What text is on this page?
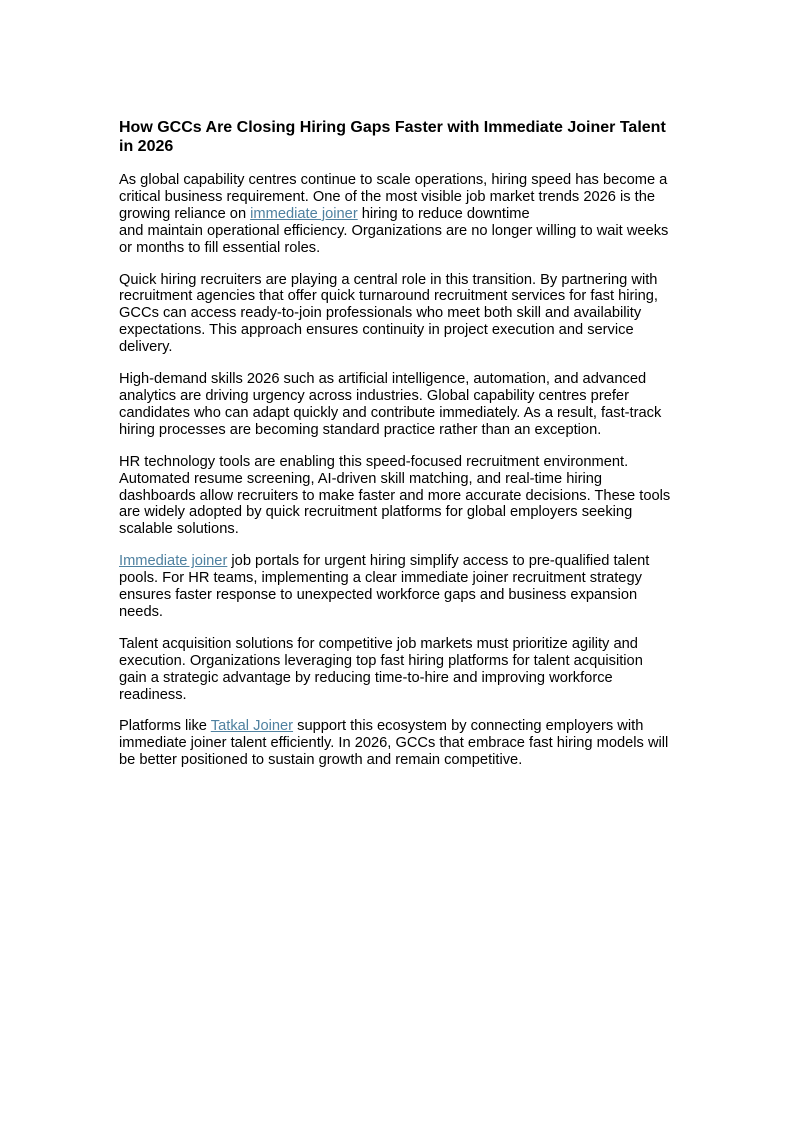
How GCCs Are Closing Hiring Gaps Faster with Immediate Joiner Talent in 2026

As global capability centres continue to scale operations, hiring speed has become a critical business requirement. One of the most visible job market trends 2026 is the growing reliance on immediate joiner hiring to reduce downtime
and maintain operational efficiency. Organizations are no longer willing to wait weeks or months to fill essential roles.

Quick hiring recruiters are playing a central role in this transition. By partnering with recruitment agencies that offer quick turnaround recruitment services for fast hiring, GCCs can access ready-to-join professionals who meet both skill and availability expectations. This approach ensures continuity in project execution and service delivery.

High-demand skills 2026 such as artificial intelligence, automation, and advanced analytics are driving urgency across industries. Global capability centres prefer candidates who can adapt quickly and contribute immediately. As a result, fast-track hiring processes are becoming standard practice rather than an exception.

HR technology tools are enabling this speed-focused recruitment environment. Automated resume screening, AI-driven skill matching, and real-time hiring dashboards allow recruiters to make faster and more accurate decisions. These tools are widely adopted by quick recruitment platforms for global employers seeking scalable solutions.

Immediate joiner job portals for urgent hiring simplify access to pre-qualified talent pools. For HR teams, implementing a clear immediate joiner recruitment strategy ensures faster response to unexpected workforce gaps and business expansion needs.

Talent acquisition solutions for competitive job markets must prioritize agility and execution. Organizations leveraging top fast hiring platforms for talent acquisition gain a strategic advantage by reducing time-to-hire and improving workforce readiness.

Platforms like Tatkal Joiner support this ecosystem by connecting employers with immediate joiner talent efficiently. In 2026, GCCs that embrace fast hiring models will be better positioned to sustain growth and remain competitive.
